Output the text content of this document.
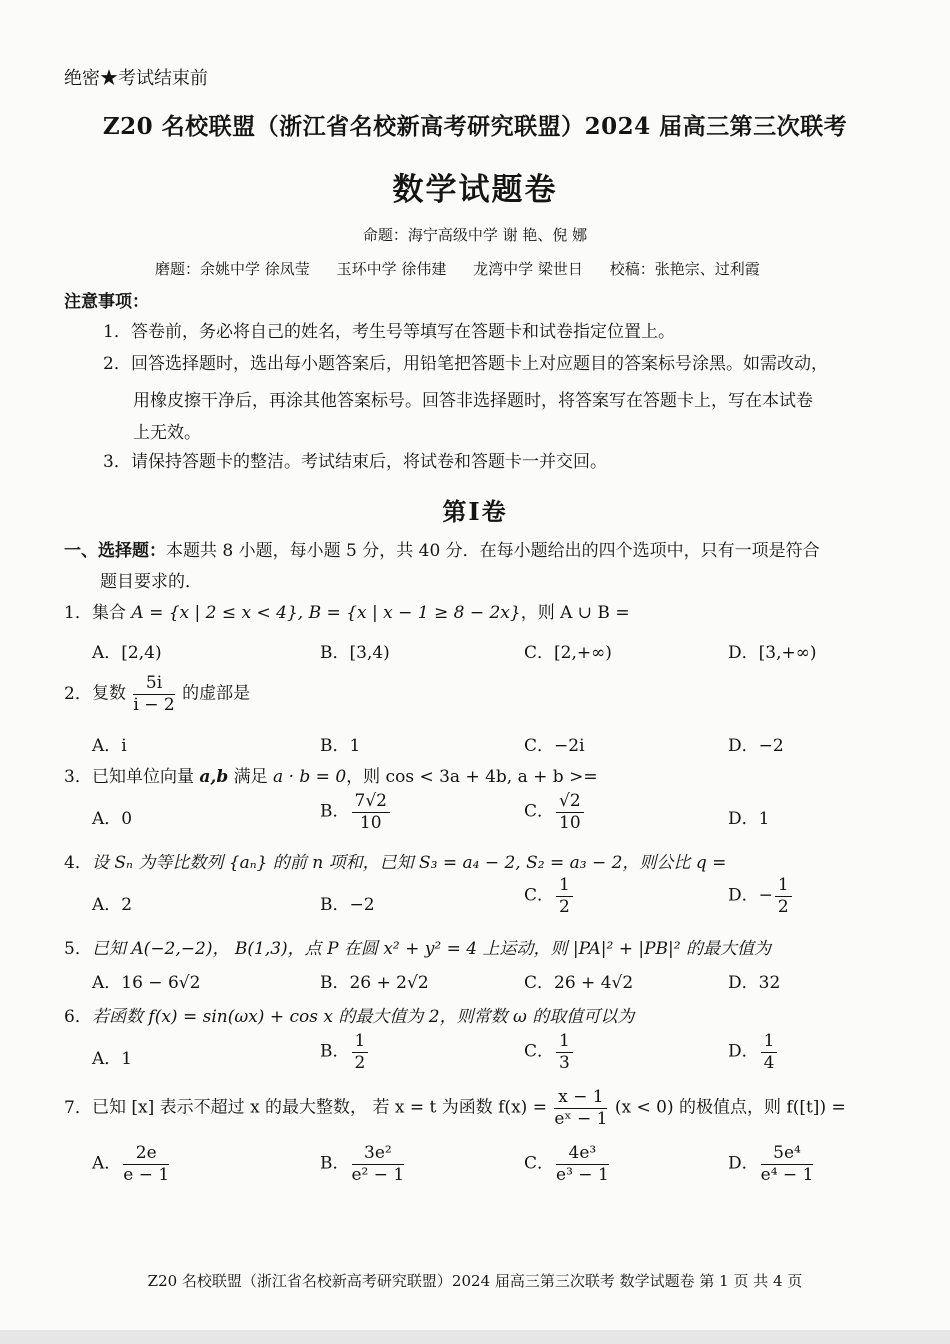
绝密★考试结束前
Z20 名校联盟（浙江省名校新高考研究联盟）2024 届高三第三次联考
数学试题卷
命题：海宁高级中学 谢 艳、倪 娜
磨题：余姚中学 徐凤莹 玉环中学 徐伟建 龙湾中学 梁世日 校稿：张艳宗、过利霞
注意事项：
1．答卷前，务必将自己的姓名，考生号等填写在答题卡和试卷指定位置上。
2．回答选择题时，选出每小题答案后，用铅笔把答题卡上对应题目的答案标号涂黑。如需改动，
用橡皮擦干净后，再涂其他答案标号。回答非选择题时，将答案写在答题卡上，写在本试卷
上无效。
3．请保持答题卡的整洁。考试结束后，将试卷和答题卡一并交回。
第Ⅰ卷
一、选择题：本题共 8 小题，每小题 5 分，共 40 分．在每小题给出的四个选项中，只有一项是符合
题目要求的．
1．集合 A = {x | 2 ≤ x < 4}, B = {x | x − 1 ≥ 8 − 2x}，则 A ∪ B =
A．[2,4)	B．[3,4)	C．[2,+∞)	D．[3,+∞)
2．复数 $\frac{5i}{i - 2}$ 的虚部是
A．i	B．1	C．−2i	D．−2
3．已知单位向量 a,b 满足 a · b = 0，则 cos < 3a + 4b, a + b >=
A．0	B． $\frac{7√2}{10}$	C． $\frac{√2}{10}$	D．1
4．设 Sₙ 为等比数列 {aₙ} 的前 n 项和，已知 S₃ = a₄ − 2, S₂ = a₃ − 2，则公比 q =
A．2	B．−2	C． $\frac{1}{2}$	D．− $\frac{1}{2}$
5．已知 A(−2,−2)， B(1,3)，点 P 在圆 x² + y² = 4 上运动，则 |PA|² + |PB|² 的最大值为
A．16 − 6√2	B．26 + 2√2	C．26 + 4√2	D．32
6．若函数 f(x) = sin(ωx) + cos x 的最大值为 2，则常数 ω 的取值可以为
A．1	B． $\frac{1}{2}$	C． $\frac{1}{3}$	D． $\frac{1}{4}$
7．已知 [x] 表示不超过 x 的最大整数， 若 x = t 为函数 $f(x) = \frac{x - 1}{\text{eˣ − 1}} (x < 0)$ 的极值点，则 f([t]) =
A． $\frac{2e}{e - 1}$	B． $\frac{\text{3e²}}{\text{e² − 1}}$	C． $\frac{\text{4e³}}{\text{e³ − 1}}$	D． $\frac{\text{5e⁴}}{\text{e⁴ − 1}}$
Z20 名校联盟（浙江省名校新高考研究联盟）2024 届高三第三次联考 数学试题卷 第 1 页 共 4 页
